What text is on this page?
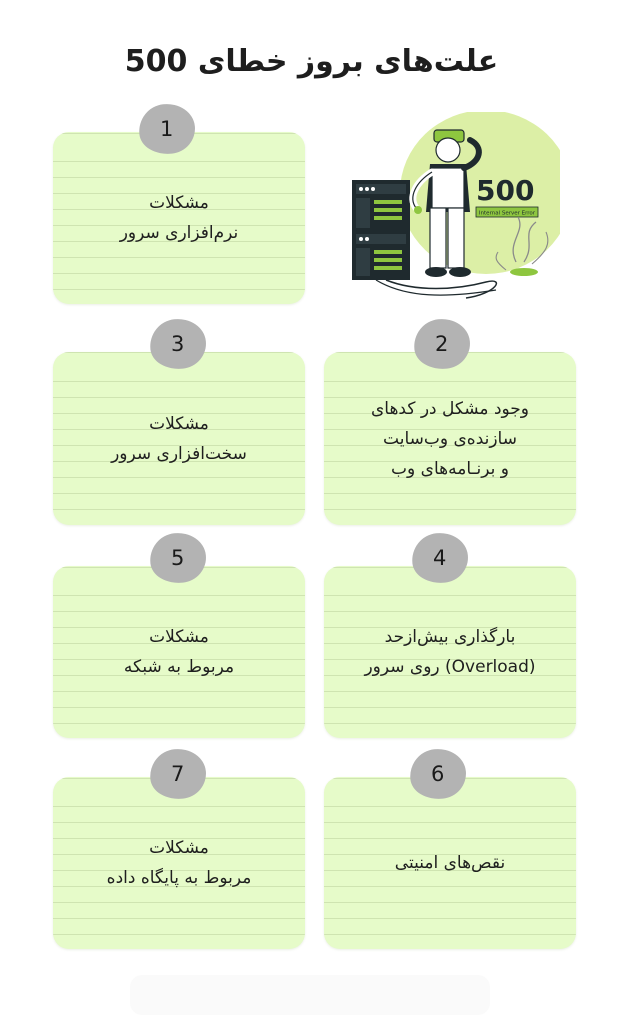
علت‌های بروز خطای 500
500
Internal Server Error
مشکلات
نرم‌افزاری سرور
1
وجود مشکل در کدهای
سازنده‌ی وب‌سایت
و برنـامه‌های وب
2
مشکلات
سخت‌افزاری سرور
3
بارگذاری بیش‌ازحد
(Overload) روی سرور
4
مشکلات
مربوط به شبکه
5
نقص‌های امنیتی
6
مشکلات
مربوط به پایگاه داده
7
